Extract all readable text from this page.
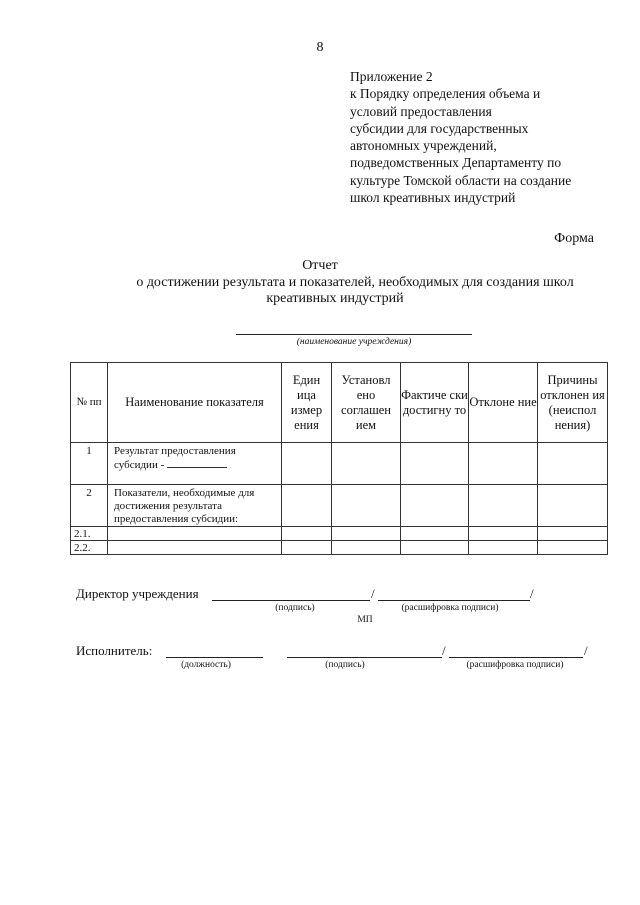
8
Приложение 2
к Порядку определения объема и
условий предоставления
субсидии для государственных
автономных учреждений,
подведомственных Департаменту по
культуре Томской области на создание
школ креативных индустрий
Форма
Отчет
о достижении результата и показателей, необходимых для создания школ
креативных индустрий
(наименование учреждения)
№ пп	Наименование показателя	Един ица измер ения	Установл ено соглашен ием	Фактиче ски достигну то	Отклоне ние	Причины отклонен ия (неиспол нения)
1	Результат предоставления субсидии -					
2	Показатели, необходимые для достижения результата предоставления субсидии:					
2.1.						
2.2.						
Директор учреждения	/	/
(подпись)	(расшифровка подписи)
МП
Исполнитель:	/	/
(должность)	(подпись)	(расшифровка подписи)
